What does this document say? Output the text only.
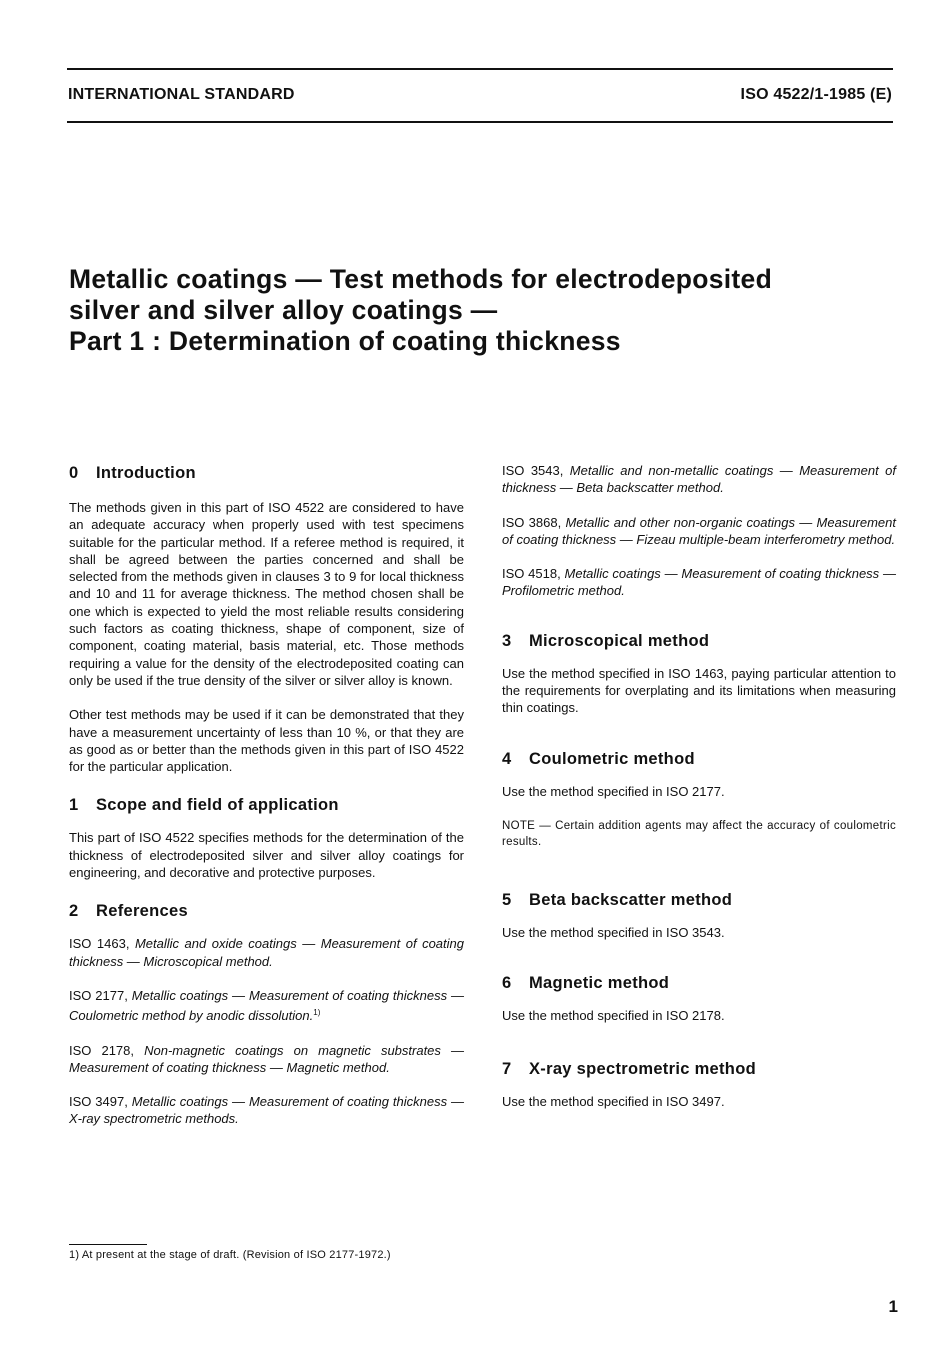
INTERNATIONAL STANDARD	ISO 4522/1-1985 (E)
Metallic coatings — Test methods for electrodeposited
silver and silver alloy coatings —
Part 1 : Determination of coating thickness
0 Introduction

The methods given in this part of ISO 4522 are considered to have an adequate accuracy when properly used with test specimens suitable for the particular method. If a referee method is required, it shall be agreed between the parties concerned and shall be selected from the methods given in clauses 3 to 9 for local thickness and 10 and 11 for average thickness. The method chosen shall be one which is expected to yield the most reliable results considering such factors as coating thickness, shape of component, size of component, coating material, basis material, etc. Those methods requiring a value for the density of the electrodeposited coating can only be used if the true density of the silver or silver alloy is known.

Other test methods may be used if it can be demonstrated that they have a measurement uncertainty of less than 10 %, or that they are as good as or better than the methods given in this part of ISO 4522 for the particular application.

1 Scope and field of application

This part of ISO 4522 specifies methods for the determination of the thickness of electrodeposited silver and silver alloy coatings for engineering, and decorative and protective purposes.

2 References

ISO 1463, Metallic and oxide coatings — Measurement of coating thickness — Microscopical method.

ISO 2177, Metallic coatings — Measurement of coating thickness — Coulometric method by anodic dissolution.$^{1)}$

ISO 2178, Non-magnetic coatings on magnetic substrates — Measurement of coating thickness — Magnetic method.

ISO 3497, Metallic coatings — Measurement of coating thickness — X-ray spectrometric methods.

ISO 3543, Metallic and non-metallic coatings — Measurement of thickness — Beta backscatter method.

ISO 3868, Metallic and other non-organic coatings — Measurement of coating thickness — Fizeau multiple-beam interferometry method.

ISO 4518, Metallic coatings — Measurement of coating thickness — Profilometric method.

3 Microscopical method

Use the method specified in ISO 1463, paying particular attention to the requirements for overplating and its limitations when measuring thin coatings.

4 Coulometric method

Use the method specified in ISO 2177.

NOTE — Certain addition agents may affect the accuracy of coulometric results.

5 Beta backscatter method

Use the method specified in ISO 3543.

6 Magnetic method

Use the method specified in ISO 2178.

7 X-ray spectrometric method

Use the method specified in ISO 3497.

1) At present at the stage of draft. (Revision of ISO 2177-1972.)
1
